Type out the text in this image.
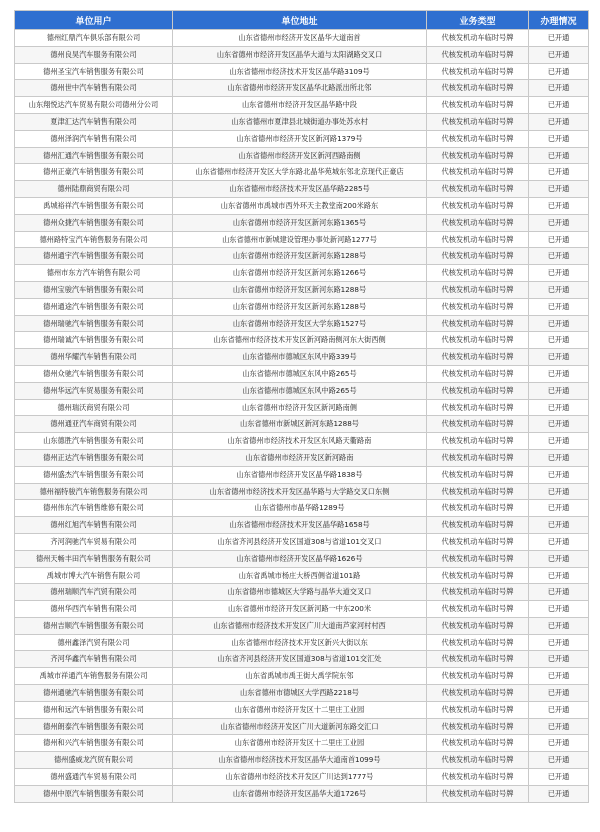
单位用户	单位地址	业务类型	办理情况
德州红鼎汽车俱乐部有限公司	山东省德州市经济开发区晶华大道南首	代核发机动车临时号牌	已开通
德州良昊汽车服务有限公司	山东省德州市经济开发区晶华大道与太阳湖路交叉口	代核发机动车临时号牌	已开通
德州圣宝汽车销售服务有限公司	山东省德州市经济技术开发区晶华路3109号	代核发机动车临时号牌	已开通
德州世中汽车销售有限公司	山东省德州市经济开发区晶华北路派出所北邻	代核发机动车临时号牌	已开通
山东翔悦达汽车贸易有限公司德州分公司	山东省德州市经济开发区晶华路中段	代核发机动车临时号牌	已开通
夏津汇达汽车销售有限公司	山东省德州市夏津县北城街道办事处苏水村	代核发机动车临时号牌	已开通
德州泽润汽车销售有限公司	山东省德州市经济开发区新河路1379号	代核发机动车临时号牌	已开通
德州汇通汽车销售服务有限公司	山东省德州市经济开发区新河西路南侧	代核发机动车临时号牌	已开通
德州正豪汽车销售服务有限公司	山东省德州市经济开发区大学东路北晶华苑城东邻北京现代正豪店	代核发机动车临时号牌	已开通
德州陆鼎商贸有限公司	山东省德州市经济技术开发区晶华路2285号	代核发机动车临时号牌	已开通
禹城裕祥汽车销售服务有限公司	山东省德州市禹城市西外环天主教堂南200米路东	代核发机动车临时号牌	已开通
德州众捷汽车销售服务有限公司	山东省德州市经济开发区新河东路1365号	代核发机动车临时号牌	已开通
德州路特宝汽车销售服务有限公司	山东省德州市新城建设管理办事处新河路1277号	代核发机动车临时号牌	已开通
德州通宇汽车销售服务有限公司	山东省德州市经济开发区新河东路1288号	代核发机动车临时号牌	已开通
德州市东方汽车销售有限公司	山东省德州市经济开发区新河东路1266号	代核发机动车临时号牌	已开通
德州宝骏汽车销售服务有限公司	山东省德州市经济开发区新河东路1288号	代核发机动车临时号牌	已开通
德州通途汽车销售服务有限公司	山东省德州市经济开发区新河东路1288号	代核发机动车临时号牌	已开通
德州瑞驰汽车销售服务有限公司	山东省德州市经济开发区大学东路1527号	代核发机动车临时号牌	已开通
德州瑞诚汽车销售服务有限公司	山东省德州市经济技术开发区新河路南侧河东大街西侧	代核发机动车临时号牌	已开通
德州华耀汽车销售有限公司	山东省德州市德城区东风中路339号	代核发机动车临时号牌	已开通
德州众驰汽车销售服务有限公司	山东省德州市德城区东风中路265号	代核发机动车临时号牌	已开通
德州华远汽车贸易服务有限公司	山东省德州市德城区东风中路265号	代核发机动车临时号牌	已开通
德州瑞沃商贸有限公司	山东省德州市经济开发区新河路南侧	代核发机动车临时号牌	已开通
德州通亚汽车商贸有限公司	山东省德州市新城区新河东路1288号	代核发机动车临时号牌	已开通
山东德胜汽车销售服务有限公司	山东省德州市经济技术开发区东风路天衢路南	代核发机动车临时号牌	已开通
德州正达汽车销售服务有限公司	山东省德州市经济开发区新河路南	代核发机动车临时号牌	已开通
德州盛杰汽车销售服务有限公司	山东省德州市经济开发区晶华路1838号	代核发机动车临时号牌	已开通
德州福特骏汽车销售服务有限公司	山东省德州市经济技术开发区晶华路与大学路交叉口东侧	代核发机动车临时号牌	已开通
德州伟东汽车销售维修有限公司	山东省德州市晶华路1289号	代核发机动车临时号牌	已开通
德州红旭汽车销售有限公司	山东省德州市经济技术开发区晶华路1658号	代核发机动车临时号牌	已开通
齐河润驰汽车贸易有限公司	山东省齐河县经济开发区国道308与省道101交叉口	代核发机动车临时号牌	已开通
德州天畅丰田汽车销售服务有限公司	山东省德州市经济开发区晶华路1626号	代核发机动车临时号牌	已开通
禹城市博大汽车销售有限公司	山东省禹城市杨庄大桥西侧省道101路	代核发机动车临时号牌	已开通
德州瑞顺汽车汽贸有限公司	山东省德州市德城区大学路与晶华大道交叉口	代核发机动车临时号牌	已开通
德州华西汽车销售有限公司	山东省德州市经济开发区新河路一中东200米	代核发机动车临时号牌	已开通
德州吉顺汽车销售服务有限公司	山东省德州市经济技术开发区广川大道南芦家河村村西	代核发机动车临时号牌	已开通
德州鑫泽汽贸有限公司	山东省德州市经济技术开发区新兴大街以东	代核发机动车临时号牌	已开通
齐河华鑫汽车销售有限公司	山东省齐河县经济开发区国道308与省道101交汇处	代核发机动车临时号牌	已开通
禹城市祥通汽车销售服务有限公司	山东省禹城市禹王街大禹学院东邻	代核发机动车临时号牌	已开通
德州通驰汽车销售服务有限公司	山东省德州市德城区大学西路2218号	代核发机动车临时号牌	已开通
德州和远汽车销售服务有限公司	山东省德州市经济开发区十二里庄工业园	代核发机动车临时号牌	已开通
德州朗泰汽车销售服务有限公司	山东省德州市经济开发区广川大道新河东路交汇口	代核发机动车临时号牌	已开通
德州和兴汽车销售服务有限公司	山东省德州市经济开发区十二里庄工业园	代核发机动车临时号牌	已开通
德州盛威龙汽贸有限公司	山东省德州市经济技术开发区晶华大道南首1099号	代核发机动车临时号牌	已开通
德州盛通汽车贸易有限公司	山东省德州市经济技术开发区广川达到1777号	代核发机动车临时号牌	已开通
德州中原汽车销售服务有限公司	山东省德州市经济开发区晶华大道1726号	代核发机动车临时号牌	已开通
